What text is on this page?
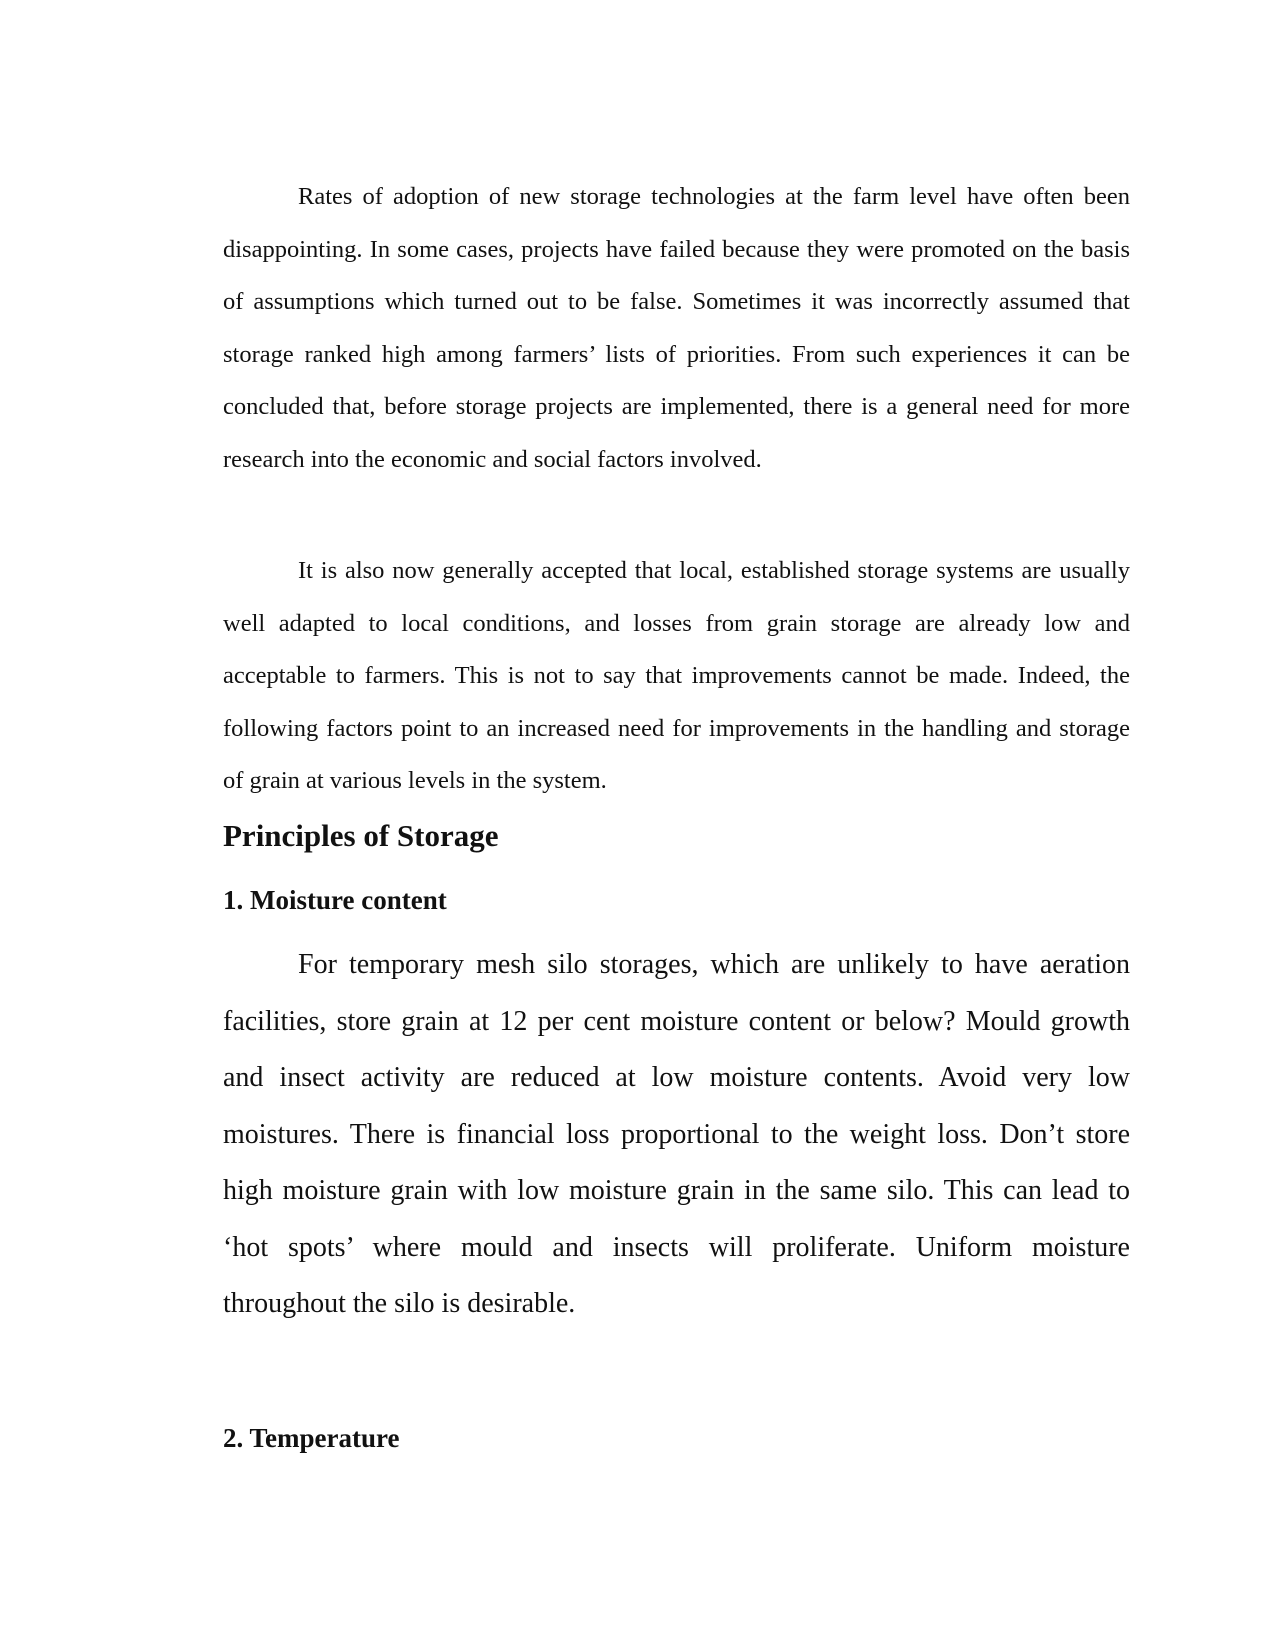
Rates of adoption of new storage technologies at the farm level have often been disappointing. In some cases, projects have failed because they were promoted on the basis of assumptions which turned out to be false. Sometimes it was incorrectly assumed that storage ranked high among farmers’ lists of priorities. From such experiences it can be concluded that, before storage projects are implemented, there is a general need for more research into the economic and social factors involved.

It is also now generally accepted that local, established storage systems are usually well adapted to local conditions, and losses from grain storage are already low and acceptable to farmers. This is not to say that improvements cannot be made. Indeed, the following factors point to an increased need for improvements in the handling and storage of grain at various levels in the system.

Principles of Storage
1. Moisture content

For temporary mesh silo storages, which are unlikely to have aeration facilities, store grain at 12 per cent moisture content or below? Mould growth and insect activity are reduced at low moisture contents. Avoid very low moistures. There is financial loss proportional to the weight loss. Don’t store high moisture grain with low moisture grain in the same silo. This can lead to ‘hot spots’ where mould and insects will proliferate. Uniform moisture throughout the silo is desirable.

2. Temperature
